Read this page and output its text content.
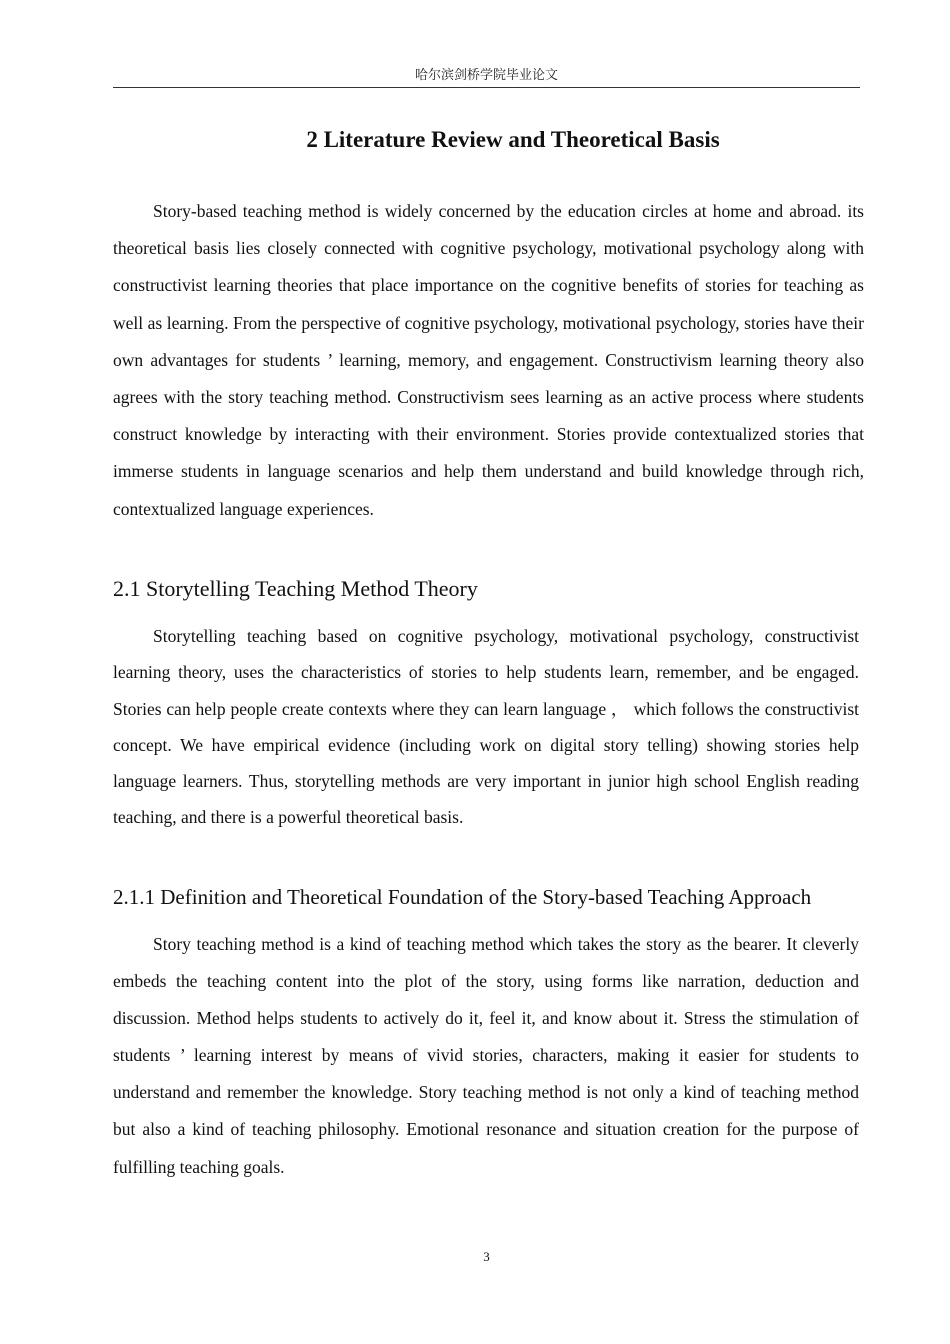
哈尔滨剑桥学院毕业论文
2 Literature Review and Theoretical Basis

Story-based teaching method is widely concerned by the education circles at home and abroad. its theoretical basis lies closely connected with cognitive psychology, motivational psychology along with constructivist learning theories that place importance on the cognitive benefits of stories for teaching as well as learning. From the perspective of cognitive psychology, motivational psychology, stories have their own advantages for students ’ learning, memory, and engagement. Constructivism learning theory also agrees with the story teaching method. Constructivism sees learning as an active process where students construct knowledge by interacting with their environment. Stories provide contextualized stories that immerse students in language scenarios and help them understand and build knowledge through rich, contextualized language experiences.

2.1 Storytelling Teaching Method Theory

Storytelling teaching based on cognitive psychology, motivational psychology, constructivist learning theory, uses the characteristics of stories to help students learn, remember, and be engaged. Stories can help people create contexts where they can learn language ， which follows the constructivist concept. We have empirical evidence (including work on digital story telling) showing stories help language learners. Thus, storytelling methods are very important in junior high school English reading teaching, and there is a powerful theoretical basis.

2.1.1 Definition and Theoretical Foundation of the Story-based Teaching Approach

Story teaching method is a kind of teaching method which takes the story as the bearer. It cleverly embeds the teaching content into the plot of the story, using forms like narration, deduction and discussion. Method helps students to actively do it, feel it, and know about it. Stress the stimulation of students ’ learning interest by means of vivid stories, characters, making it easier for students to understand and remember the knowledge. Story teaching method is not only a kind of teaching method but also a kind of teaching philosophy. Emotional resonance and situation creation for the purpose of fulfilling teaching goals.

3
